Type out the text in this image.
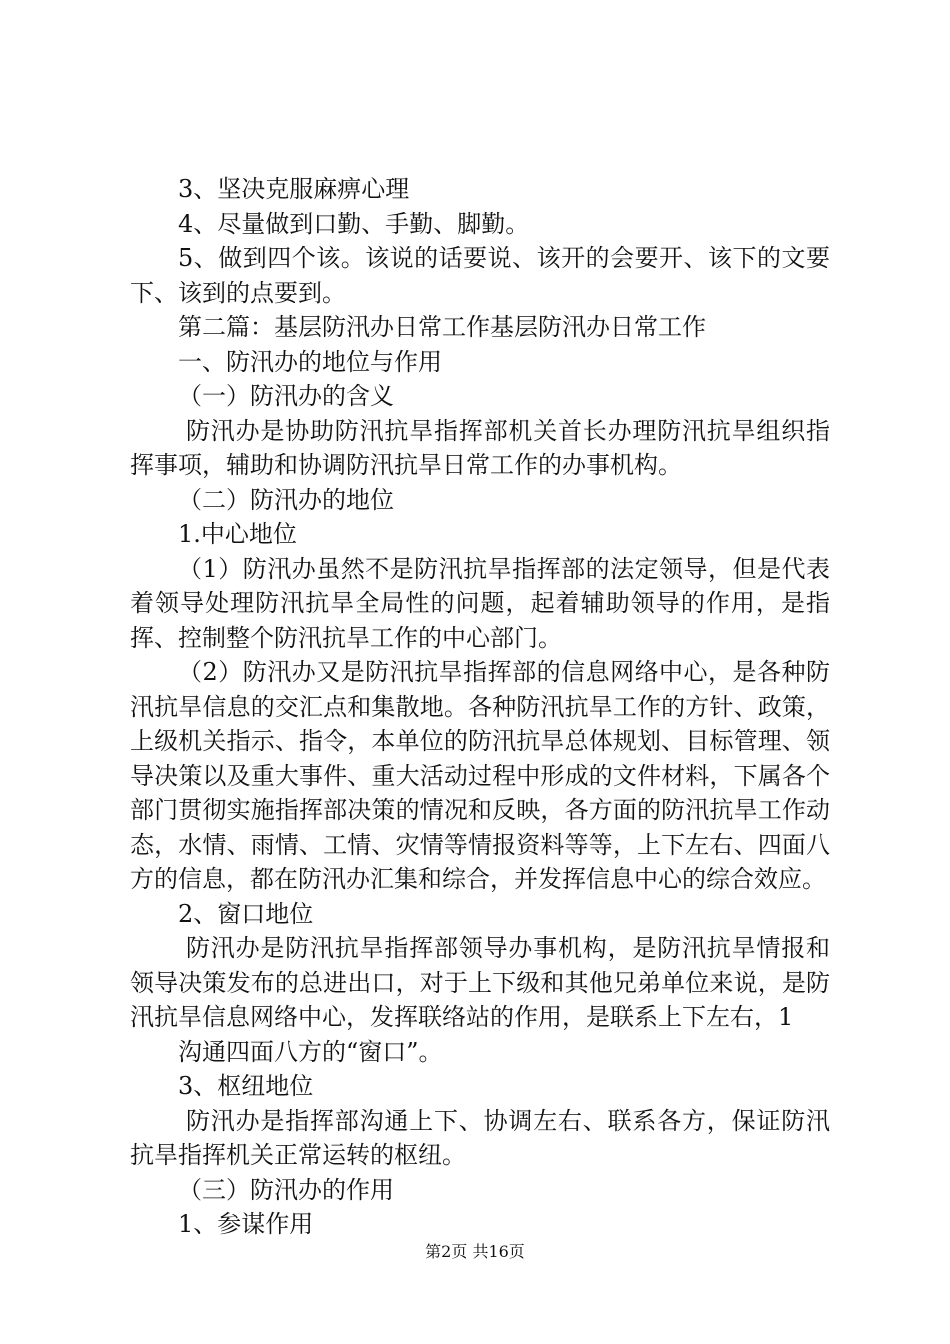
3、坚决克服麻痹心理

4、尽量做到口勤、手勤、脚勤。

5、做到四个该。该说的话要说、该开的会要开、该下的文要下、该到的点要到。

第二篇：基层防汛办日常工作基层防汛办日常工作

一、防汛办的地位与作用

（一）防汛办的含义

防汛办是协助防汛抗旱指挥部机关首长办理防汛抗旱组织指挥事项，辅助和协调防汛抗旱日常工作的办事机构。

（二）防汛办的地位

1.中心地位

（1）防汛办虽然不是防汛抗旱指挥部的法定领导，但是代表着领导处理防汛抗旱全局性的问题，起着辅助领导的作用，是指挥、控制整个防汛抗旱工作的中心部门。

（2）防汛办又是防汛抗旱指挥部的信息网络中心，是各种防汛抗旱信息的交汇点和集散地。各种防汛抗旱工作的方针、政策，上级机关指示、指令，本单位的防汛抗旱总体规划、目标管理、领导决策以及重大事件、重大活动过程中形成的文件材料，下属各个部门贯彻实施指挥部决策的情况和反映，各方面的防汛抗旱工作动态，水情、雨情、工情、灾情等情报资料等等，上下左右、四面八方的信息，都在防汛办汇集和综合，并发挥信息中心的综合效应。

2、窗口地位

防汛办是防汛抗旱指挥部领导办事机构，是防汛抗旱情报和领导决策发布的总进出口，对于上下级和其他兄弟单位来说，是防汛抗旱信息网络中心，发挥联络站的作用，是联系上下左右，1

沟通四面八方的“窗口”。

3、枢纽地位

防汛办是指挥部沟通上下、协调左右、联系各方，保证防汛抗旱指挥机关正常运转的枢纽。

（三）防汛办的作用

1、参谋作用

第2页 共16页
